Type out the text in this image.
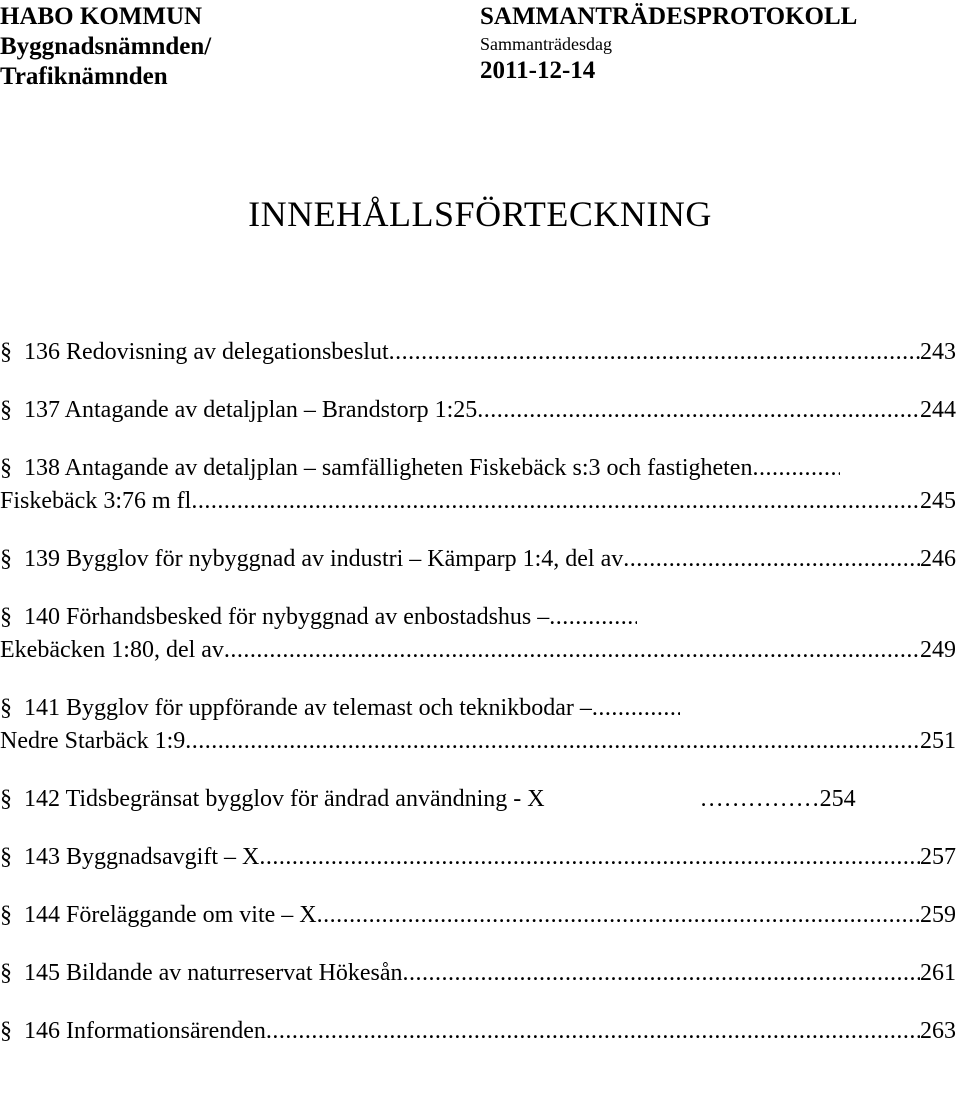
HABO KOMMUN
Byggnadsnämnden/
Trafiknämnden
SAMMANTRÄDESPROTOKOLL
Sammanträdesdag
2011-12-14
INNEHÅLLSFÖRTECKNING
§ 136 Redovisning av delegationsbeslut .....	243
§ 137 Antagande av detaljplan – Brandstorp 1:25 .....	244
§ 138 Antagande av detaljplan – samfälligheten Fiskebäck s:3 och fastigheten
.....
Fiskebäck 3:76 m fl .....	245
§ 139 Bygglov för nybyggnad av industri – Kämparp 1:4, del av .....	246
§ 140 Förhandsbesked för nybyggnad av enbostadshus –
.....
Ekebäcken 1:80, del av .....	249
§ 141 Bygglov för uppförande av telemast och teknikbodar –
.....
Nedre Starbäck 1:9 .....	251
§ 142 Tidsbegränsat bygglov för ändrad användning - X	…………… 254
§ 143 Byggnadsavgift – X .....	257
§ 144 Föreläggande om vite – X .....	259
§ 145 Bildande av naturreservat Hökesån .....	261
§ 146 Informationsärenden .....	263
